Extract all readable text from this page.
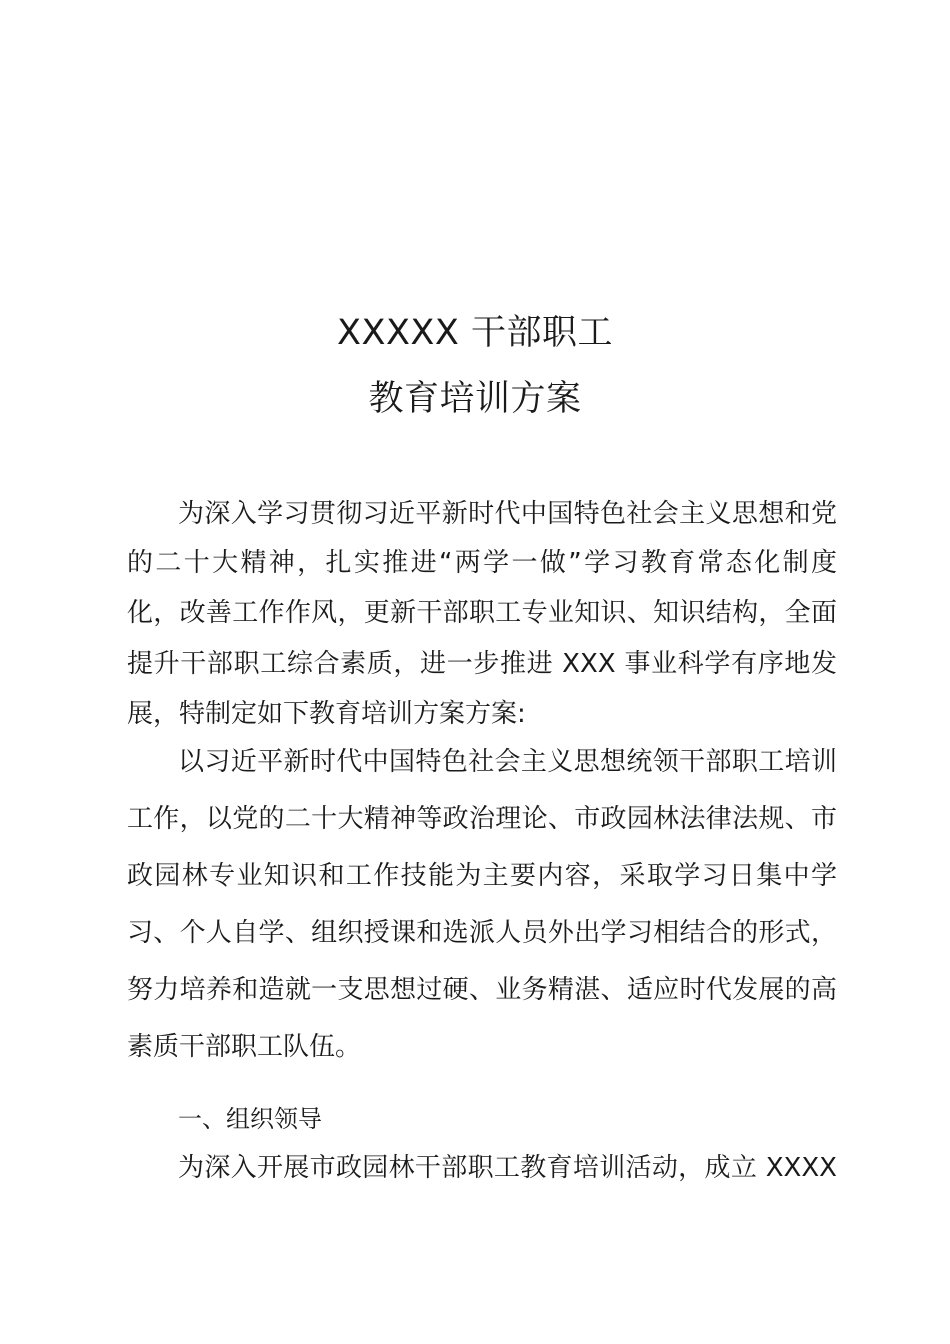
XXXXX 干部职工
教育培训方案
为深入学习贯彻习近平新时代中国特色社会主义思想和党
的二十大精神，扎实推进“两学一做”学习教育常态化制度
化，改善工作作风，更新干部职工专业知识、知识结构，全面
提升干部职工综合素质，进一步推进 XXX 事业科学有序地发
展，特制定如下教育培训方案方案:
以习近平新时代中国特色社会主义思想统领干部职工培训
工作，以党的二十大精神等政治理论、市政园林法律法规、市
政园林专业知识和工作技能为主要内容，采取学习日集中学
习、个人自学、组织授课和选派人员外出学习相结合的形式，
努力培养和造就一支思想过硬、业务精湛、适应时代发展的高
素质干部职工队伍。
一、组织领导
为深入开展市政园林干部职工教育培训活动，成立 XXXX
